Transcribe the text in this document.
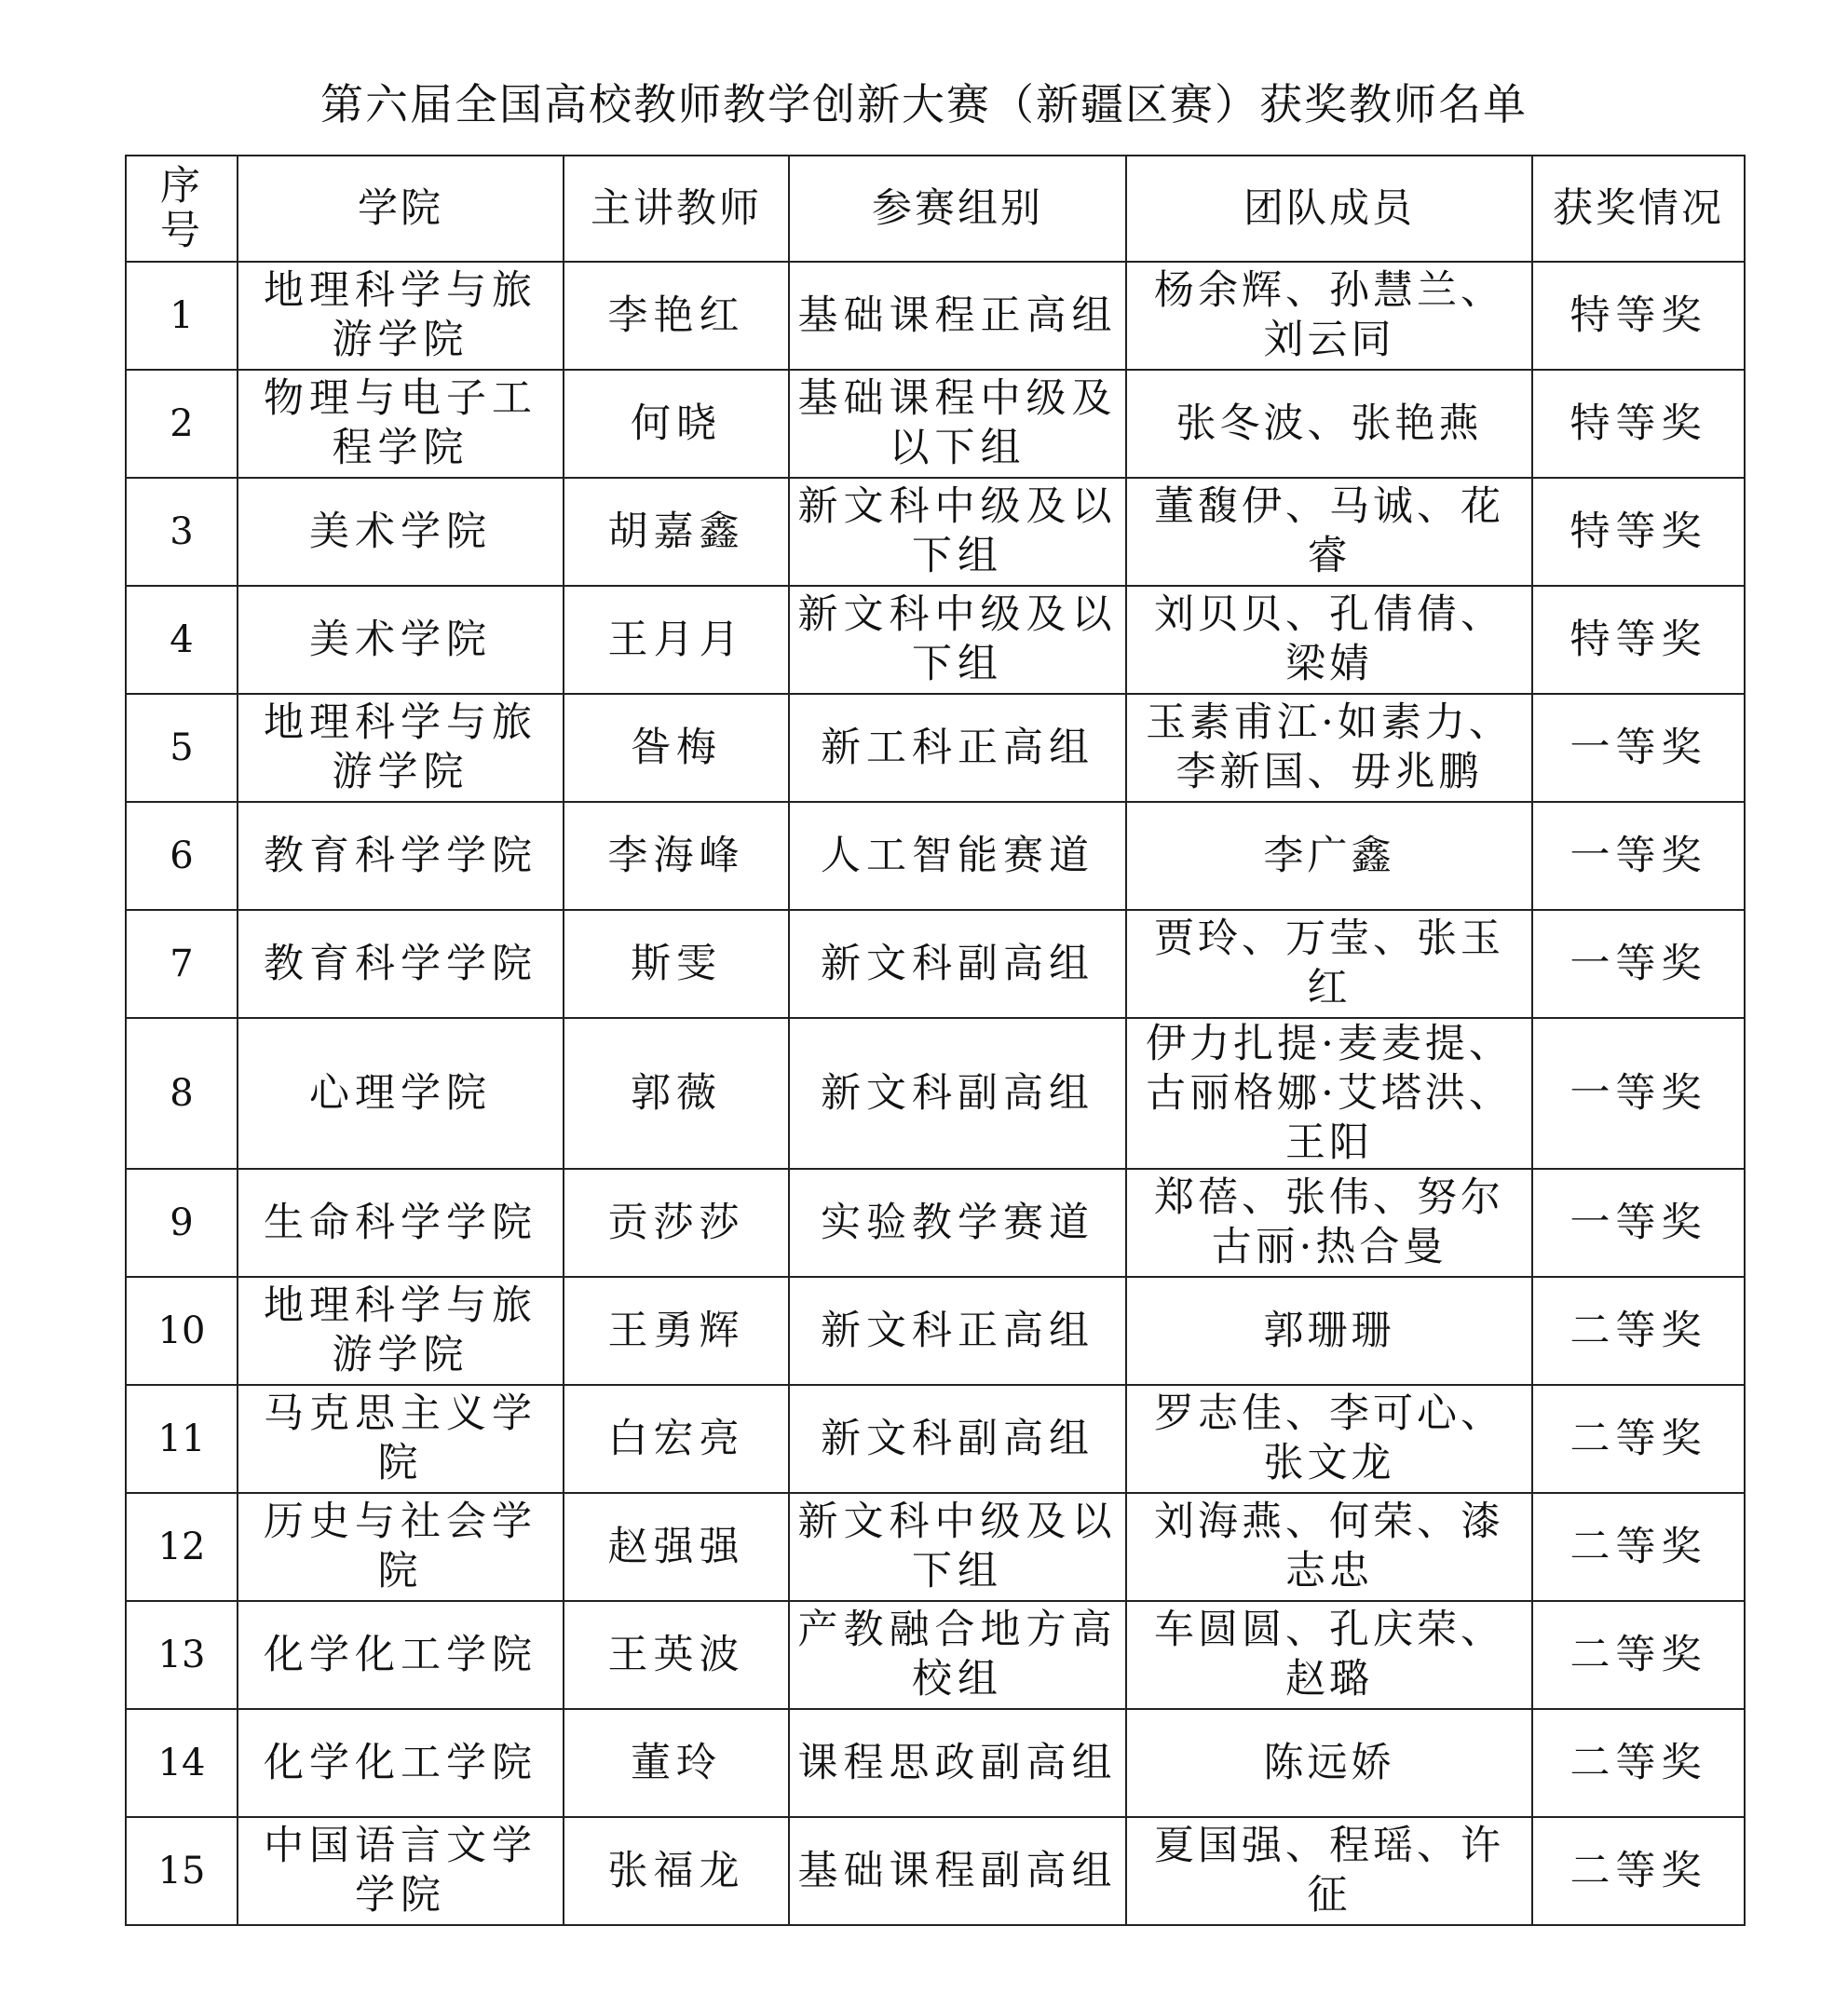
第六届全国高校教师教学创新大赛（新疆区赛）获奖教师名单
序号	学院	主讲教师	参赛组别	团队成员	获奖情况
1	地理科学与旅游学院	李艳红	基础课程正高组	杨余辉、孙慧兰、刘云同	特等奖
2	物理与电子工程学院	何晓	基础课程中级及以下组	张冬波、张艳燕	特等奖
3	美术学院	胡嘉鑫	新文科中级及以下组	董馥伊、马诚、花睿	特等奖
4	美术学院	王月月	新文科中级及以下组	刘贝贝、孔倩倩、梁婧	特等奖
5	地理科学与旅游学院	昝梅	新工科正高组	玉素甫江·如素力、李新国、毋兆鹏	一等奖
6	教育科学学院	李海峰	人工智能赛道	李广鑫	一等奖
7	教育科学学院	斯雯	新文科副高组	贾玲、万莹、张玉红	一等奖
8	心理学院	郭薇	新文科副高组	伊力扎提·麦麦提、古丽格娜·艾塔洪、王阳	一等奖
9	生命科学学院	贡莎莎	实验教学赛道	郑蓓、张伟、努尔古丽·热合曼	一等奖
10	地理科学与旅游学院	王勇辉	新文科正高组	郭珊珊	二等奖
11	马克思主义学院	白宏亮	新文科副高组	罗志佳、李可心、张文龙	二等奖
12	历史与社会学院	赵强强	新文科中级及以下组	刘海燕、何荣、漆志忠	二等奖
13	化学化工学院	王英波	产教融合地方高校组	车圆圆、孔庆荣、赵璐	二等奖
14	化学化工学院	董玲	课程思政副高组	陈远娇	二等奖
15	中国语言文学学院	张福龙	基础课程副高组	夏国强、程瑶、许征	二等奖
